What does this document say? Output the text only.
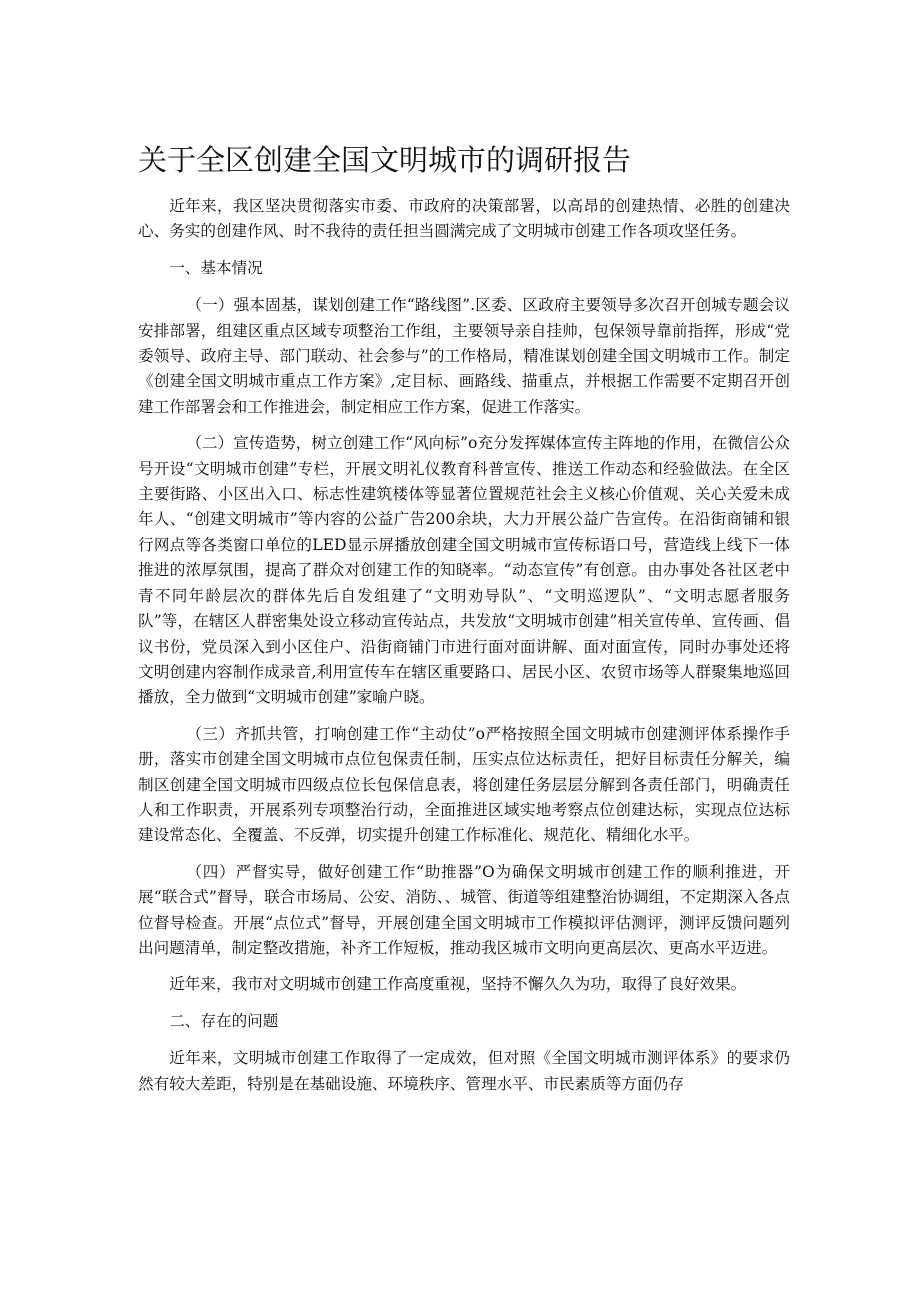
关于全区创建全国文明城市的调研报告

近年来，我区坚决贯彻落实市委、市政府的决策部署，以高昂的创建热情、必胜的创建决心、务实的创建作风、时不我待的责任担当圆满完成了文明城市创建工作各项攻坚任务。

一、基本情况

（一）强本固基，谋划创建工作“路线图”.区委、区政府主要领导多次召开创城专题会议安排部署，组建区重点区域专项整治工作组，主要领导亲自挂帅，包保领导靠前指挥，形成“党委领导、政府主导、部门联动、社会参与”的工作格局，精准谋划创建全国文明城市工作。制定《创建全国文明城市重点工作方案》,定目标、画路线、描重点，并根据工作需要不定期召开创建工作部署会和工作推进会，制定相应工作方案，促进工作落实。

（二）宣传造势，树立创建工作“风向标”o充分发挥媒体宣传主阵地的作用，在微信公众号开设“文明城市创建”专栏，开展文明礼仪教育科普宣传、推送工作动态和经验做法。在全区主要街路、小区出入口、标志性建筑楼体等显著位置规范社会主义核心价值观、关心关爱未成年人、“创建文明城市”等内容的公益广告200余块，大力开展公益广告宣传。在沿街商铺和银行网点等各类窗口单位的LED显示屏播放创建全国文明城市宣传标语口号，营造线上线下一体推进的浓厚氛围，提高了群众对创建工作的知晓率。“动态宣传”有创意。由办事处各社区老中青不同年龄层次的群体先后自发组建了“文明劝导队”、“文明巡逻队”、“文明志愿者服务队”等，在辖区人群密集处设立移动宣传站点，共发放“文明城市创建”相关宣传单、宣传画、倡议书份，党员深入到小区住户、沿街商铺门市进行面对面讲解、面对面宣传，同时办事处还将文明创建内容制作成录音,利用宣传车在辖区重要路口、居民小区、农贸市场等人群聚集地巡回播放，全力做到“文明城市创建”家喻户晓。

（三）齐抓共管，打响创建工作“主动仗”o严格按照全国文明城市创建测评体系操作手册，落实市创建全国文明城市点位包保责任制，压实点位达标责任，把好目标责任分解关，编制区创建全国文明城市四级点位长包保信息表，将创建任务层层分解到各责任部门，明确责任人和工作职责，开展系列专项整治行动，全面推进区域实地考察点位创建达标，实现点位达标建设常态化、全覆盖、不反弹，切实提升创建工作标准化、规范化、精细化水平。

（四）严督实导，做好创建工作“助推器”O为确保文明城市创建工作的顺利推进，开展“联合式”督导，联合市场局、公安、消防、、城管、街道等组建整治协调组，不定期深入各点位督导检查。开展“点位式”督导，开展创建全国文明城市工作模拟评估测评，测评反馈问题列出问题清单，制定整改措施，补齐工作短板，推动我区城市文明向更高层次、更高水平迈进。

近年来，我市对文明城市创建工作高度重视，坚持不懈久久为功，取得了良好效果。

二、存在的问题

近年来，文明城市创建工作取得了一定成效，但对照《全国文明城市测评体系》的要求仍然有较大差距，特别是在基础设施、环境秩序、管理水平、市民素质等方面仍存
